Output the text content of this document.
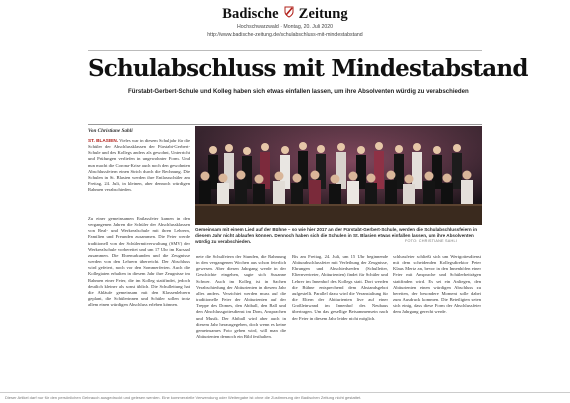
Badische Zeitung
Hochschwarzwald · Montag, 20. Juli 2020
http://www.badische-zeitung.de/schulabschluss-mit-mindestabstand
Schulabschluss mit Mindestabstand
Fürstabt-Gerbert-Schule und Kolleg haben sich etwas einfallen lassen, um ihre Absolventen würdig zu verabschieden
Von Christiane Sahli
ST. BLASIEN. Vieles war in diesem Schuljahr für die Schüler der Abschlussklassen der Fürstabt-Gerbert-Schule und des Kollegs anders als gewohnt, Unterricht und Prüfungen verliefen in ungewohnter Form. Und nun macht die Corona-Krise auch noch den gewohnten Abschlussfeiern einen Strich durch die Rechnung. Die Schulen in St. Blasien werden ihre Entlassschüler am Freitag, 24. Juli, in kleinen, aber dennoch würdigen Rahmen verabschieden.
Zu einer gemeinsamen Entlassfeier kamen in den vergangenen Jahren die Schüler der Abschlussklassen von Real- und Werkrealschule mit ihren Lehrern, Familien und Freunden zusammen. Die Feier werde traditionell von der Schülermitverwaltung (SMV) der Werkrealschule vorbereitet und um 17 Uhr im Kursaal zusammen. Die Ehrenurkunden und die Zeugnisse werden von den Lehrern überreicht. Der Abschluss wird gefeiert, noch vor den Sommerferien. Auch die Kollegiaten erhalten in diesem Jahr ihre Zeugnisse im Rahmen einer Feier, die im Kolleg stattfindet, jedoch deutlich kleiner als sonst üblich. Die Schulleitung hat die Abläufe gemeinsam mit den Klassenlehrern geplant, die Schülerinnen und Schüler sollen trotz allem einen würdigen Abschluss erleben können.
Gemeinsam mit einem Lied auf der Bühne – so wie hier 2017 an der Fürstabt-Gerbert-Schule, werden die Schulabschlussfeiern in diesem Jahr nicht ablaufen können. Dennoch haben sich die Schulen in St. Blasien etwas einfallen lassen, um ihre Absolventen würdig zu verabschieden.	FOTO: CHRISTIANE SAHLI
nete die Schulfeiern der Stunden, die Rahmung in den vergangenen Wochen aus schon feierlich gewesen. Aber diesen Jahrgang werde in der Geschichte eingehen, sagte sich Susanne Schwer. Auch im Kolleg ist in Sachen Verabschiedung der Abiturienten in diesem Jahr alles anders. Verzichtet werden muss auf die traditionelle Feier der Abiturienten auf der Treppe des Domes, den Abiball, den Ball und den Abschlussgottesdienst im Dom, Ansprachen und Musik. Der Abiball wird aber auch in diesem Jahr herausgegeben, doch wenn es keine gemeinsames Foto geben wird, will man die Abiturienten dennoch ein Bild festhalten.
Bis am Freitag, 24. Juli, um 15 Uhr beginnende Abiturabschlussfeier mit Verleihung der Zeugnisse, Ehrungen und Abschiedsreden (Schulleiter, Elternvertreter, Abiturienten) findet für Schüler und Lehrer im Innenhof des Kollegs statt. Dort werden die Bühne entsprechend dem Abstandsgebot aufgestellt. Parallel dazu wird die Veranstaltung für die Eltern der Abiturienten live auf einer Großleinwand im Innenhof des Neubaus übertragen. Um das gesellige Beisammensein nach der Feier in diesem Jahr leider nicht möglich.
schlussfeier schließt sich um Wertgottesdienst mit dem scheidenden Kollegsdirektor Peter Klaus Mertz an, bevor in den Innenhöfen einer Feier mit Ansprache und Schülerbeiträgen stattfinden wird. Es sei ein Anliegen, den Abiturienten einen würdigen Abschluss zu bereiten, der besondere Moment solle dabei zum Ausdruck kommen. Die Beteiligten seien sich einig, dass diese Form der Abschlussfeier dem Jahrgang gerecht werde.
Dieser Artikel darf nur für den persönlichen Gebrauch ausgedruckt und gelesen werden. Eine kommerzielle Verwendung oder Weitergabe ist ohne die Zustimmung der Badischen Zeitung nicht gestattet.
